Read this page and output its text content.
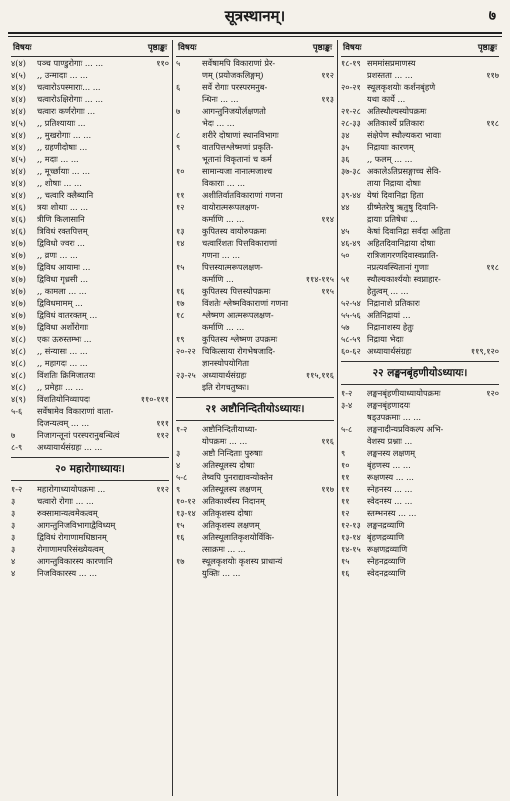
सूत्रस्थानम्।	७
विषयः	पृष्ठाङ्कः
४(४)	पञ्च पाण्डुरोगाः ... ...	११०
४(५)	,, उन्मादाः ... ...
४(४)	चत्वारोऽपस्माराः... ...
४(४)	चत्वारोऽक्षिरोगाः ... ...
४(४)	चत्वारः कर्णरोगाः ...
४(५)	,, प्रतिश्यायाः ...
४(४)	,, मुखरोगाः ... ...
४(४)	,, ग्रहणीदोषाः ...
४(५)	,, मदाः ... ...
४(४)	,, मूर्च्छायाः ... ...
४(४)	,, शोषाः ... ...
४(४)	,, चत्वारि क्लैब्यानि
४(६)	त्रयः शोथाः ... ...
४(६)	त्रीणि किलासानि
४(६)	त्रिविधं रक्तपित्तम्
४(७)	द्विविधो ज्वरः ...
४(७)	,, व्रणः ... ...
४(७)	द्विविध आयामः ...
४(७)	द्विविधा गृध्रसी ...
४(७)	,, कामला ... ...
४(७)	द्विविधमामम् ...
४(७)	द्विविधं वातरक्तम् ...
४(७)	द्विविधा अर्शोरोगाः
४(८)	एकः ऊरुस्तम्भः ...
४(८)	,, संन्यासः ... ...
४(८)	,, महागदः ... ...
४(८)	विंशतिः क्रिमिजातयः
४(८)	,, प्रमेहाः ... ...
४(९)	विंशतियोनिव्यापदः	११०-१११
५-६	सर्वेषामेव विकाराणां वाता-
दिजन्यत्वम् ... ...	१११
७	निजागन्तूनां परस्परानुबन्धित्वं	११२
८-९	अध्यायार्थसंग्रहः ... ...
२० महारोगाध्यायः।
१-२	महारोगाध्यायोपक्रमः ...	११२
३	चत्वारो रोगाः ... ...
३	रुक्सामान्यत्वमेकत्वम्
३	आगन्तुनिजविभागाद्वैविध्यम्
३	द्विविधं रोगाणामधिष्ठानम्
३	रोगाणामपरिसंख्येयत्वम्
४	आगन्तुविकारस्य कारणानि
४	निजविकारस्य ... ...
विषयः	पृष्ठाङ्कः
५	सर्वेषामपि विकाराणां प्रेर-
णम् (प्रयोजकलिङ्गम्)	११२
६	सर्वे रोगाः परस्परमनुब-
न्धिनः ... ...	११३
७	आगन्तुनिजयोर्लक्षणतो
भेदः ... ...
८	शरीरे दोषाणां स्थानविभागः
९	वातपित्तश्लेष्मणां प्रकृति-
भूतानां विकृतानां च कर्म
१०	सामान्यजा नानात्मजाश्च
विकाराः ... ...
११	अशीतिर्वातविकाराणां गणना
१२	वायोरात्मरूपलक्षण-
कर्माणि ... ...	११४
१३	कुपितस्य वायोरुपक्रमः
१४	चत्वारिंशतः पित्तविकाराणां
गणना ... ...
१५	पित्तस्यात्मरूपलक्षण-
कर्माणि ...	११४-११५
१६	कुपितस्य पित्तस्योपक्रमः	११५
१७	विंशतेः श्लेष्मविकाराणां गणना
१८	श्लेष्मण आत्मरूपलक्षण-
कर्माणि ... ...
१९	कुपितस्य श्लेष्मण उपक्रमः
२०-२२ चिकित्साया रोगभेषजादि-
ज्ञानस्योपयोगिता
२३-२५ अध्यायार्थसंग्रहः	११५,११६
इति रोगचतुष्कः।
२१ अष्टौनिन्दितीयोऽध्यायः।
१-२	अष्टौनिन्दितीयाध्या-
योपक्रमः ... ...	११६
३	अष्टौ निन्दिताः पुरुषाः
४	अतिस्थूलस्य दोषाः
५-८	तेष्वपि पुनराद्यावन्योक्तेन
९	अतिस्थूलस्य लक्षणम्	११७
१०-१२ अतिकार्श्यस्य निदानम्
१३-१४ अतिकृशस्य दोषाः
१५	अतिकृशस्य लक्षणम्
१६	अतिस्थूलातिकृशयोर्विकि-
त्साक्रमः ... ...
१७	स्थूलकृशयोः कृशस्य प्राधान्यं
युक्तिः ... ...
विषयः	पृष्ठाङ्कः
१८-१९ सममांसप्रमाणस्य
प्रशस्तता ... ...	११७
२०-२१ स्थूलकृशयोः कर्शनबृंहणे
यथा कार्ये ...
२१-२८ अतिस्थौल्यस्योपक्रमः
२८-३३ अतिकार्श्ये प्रतिकारः	११८
३४	संक्षेपेण स्थौल्यकरा भावाः
३५	निद्रायाः कारणम्
३६	,, फलम् ... ...
३७-३८ अकालेऽतिप्रसङ्गाच्च सेवि-
ताया निद्राया दोषाः
३९-४४ येषां दिवानिद्रा हिता
४४	ग्रीष्मेतरेषु ऋतुषु दिवानि-
द्रायाः प्रतिषेधः ...
४५	केषां दिवानिद्रा सर्वदा अहिता
४६-४९ अहितदिवानिद्राया दोषाः
५०	रात्रिजागरणदिवास्वप्नाति-
नप्रत्यवस्थितानां गुणाः	११८
५१	स्थौल्यकार्श्ययोः स्वप्नाहार-
हेतुत्वम् ... ...
५२-५४ निद्रानाशे प्रतिकारः
५५-५६ अतिनिद्रायां ...
५७	निद्रानाशस्य हेतुः
५८-५९ निद्राया भेदाः
६०-६२ अध्यायार्थसंग्रहः	११९,१२०
२२ लङ्घनबृंहणीयोऽध्यायः।
१-२	लङ्घनबृंहणीयाध्यायोपक्रमः	१२०
३-४	लङ्घनबृंहणादयः
षड्उपक्रमाः ... ...
५-८	लङ्घनादीन्यप्रविकल्प अभि-
वेशस्य प्रश्नाः ...
९	लङ्घनस्य लक्षणम्
१०	बृंहणस्य ... ...
११	रूक्षणस्य ... ...
११	स्नेहनस्य ... ...
११	स्वेदनस्य ... ...
१२	स्तम्भनस्य ... ...
१२-१३ लङ्घनद्रव्याणि
१३-१४ बृंहणद्रव्याणि
१४-१५ रूक्षणद्रव्याणि
१५	स्नेहनद्रव्याणि
१६	स्वेदनद्रव्याणि
